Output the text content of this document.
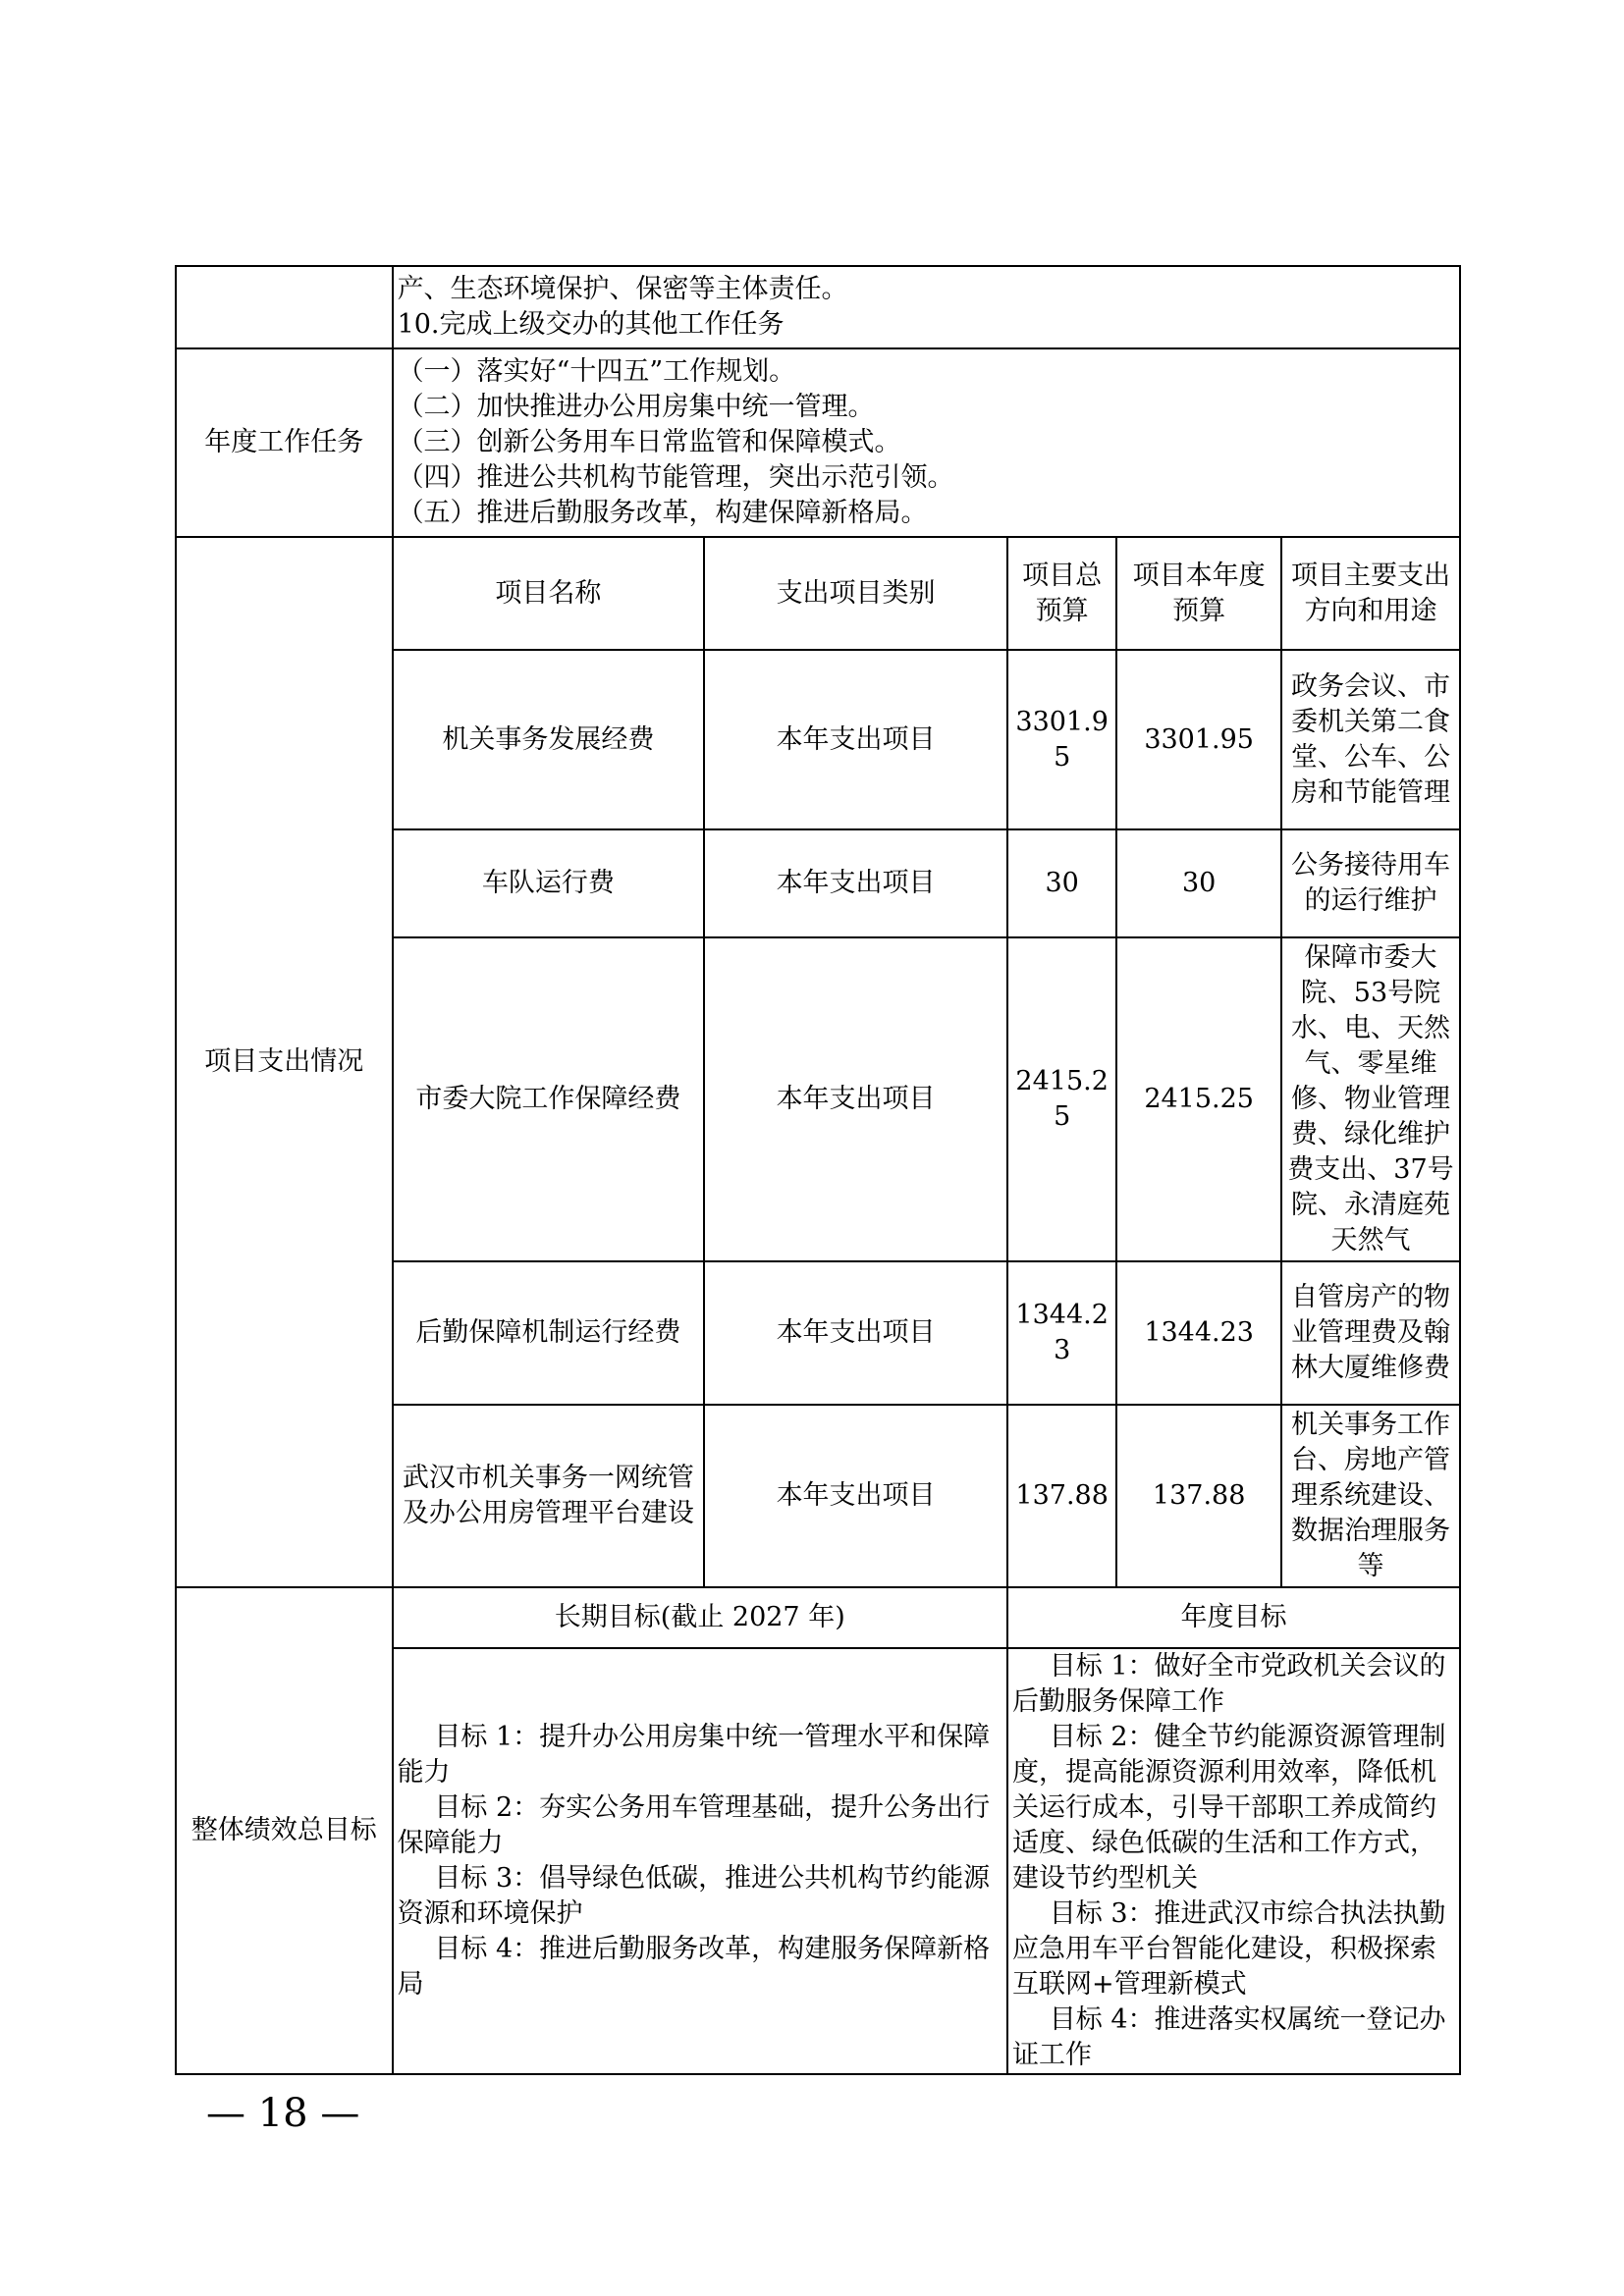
	产、生态环境保护、保密等主体责任。
10.完成上级交办的其他工作任务				

年度工作任务	（一）落实好“十四五”工作规划。
（二）加快推进办公用房集中统一管理。
（三）创新公务用车日常监管和保障模式。
（四）推进公共机构节能管理，突出示范引领。
（五）推进后勤服务改革，构建保障新格局。				

项目支出情况	项目名称	支出项目类别	项目总预算	项目本年度预算	项目主要支出方向和用途
	机关事务发展经费	本年支出项目	3301.95	3301.95	政务会议、市委机关第二食堂、公车、公房和节能管理
	车队运行费	本年支出项目	30	30	公务接待用车的运行维护
	市委大院工作保障经费	本年支出项目	2415.25	2415.25	保障市委大院、53号院水、电、天然气、零星维修、物业管理费、绿化维护费支出、37号院、永清庭苑天然气
	后勤保障机制运行经费	本年支出项目	1344.23	1344.23	自管房产的物业管理费及翰林大厦维修费
	武汉市机关事务一网统管及办公用房管理平台建设	本年支出项目	137.88	137.88	机关事务工作台、房地产管理系统建设、数据治理服务等
整体绩效总目标	长期目标(截止 2027 年)		年度目标		

	目标 1：提升办公用房集中统一管理水平和保障能力
目标 2：夯实公务用车管理基础，提升公务出行保障能力
目标 3：倡导绿色低碳，推进公共机构节约能源资源和环境保护
目标 4：推进后勤服务改革，构建服务保障新格局		目标 1：做好全市党政机关会议的后勤服务保障工作
目标 2：健全节约能源资源管理制度，提高能源资源利用效率，降低机关运行成本，引导干部职工养成简约适度、绿色低碳的生活和工作方式，建设节约型机关
目标 3：推进武汉市综合执法执勤应急用车平台智能化建设，积极探索互联网+管理新模式
目标 4：推进落实权属统一登记办证工作		
— 18 —
